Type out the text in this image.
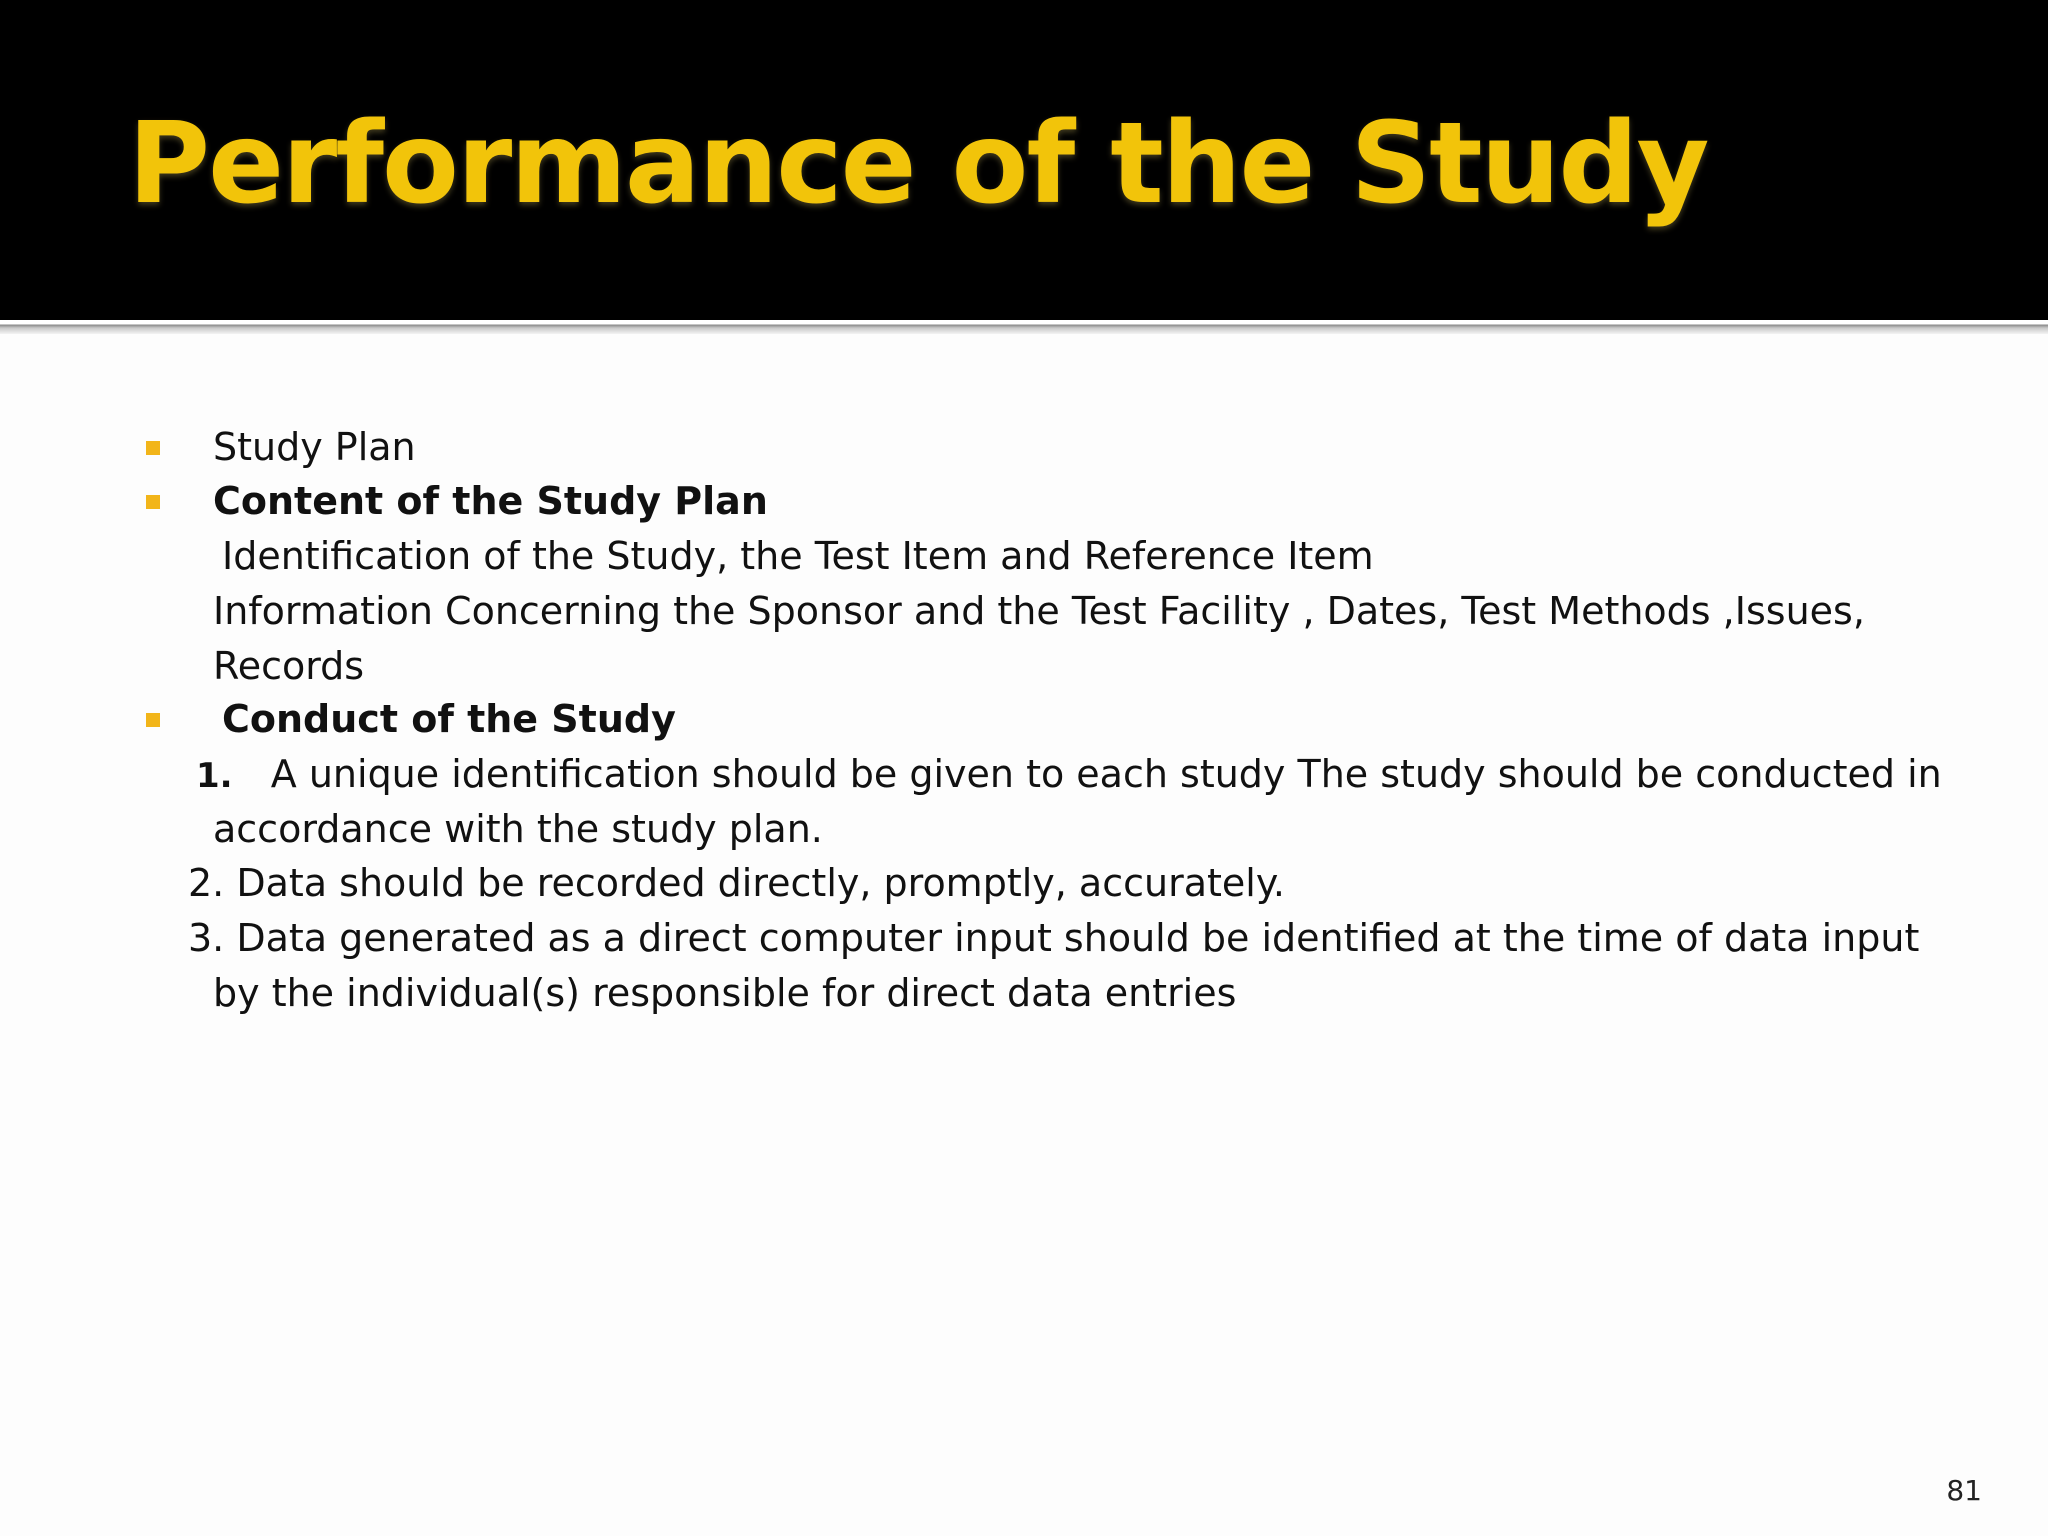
Performance of the Study
Study Plan
Content of the Study Plan
Identification of the Study, the Test Item and Reference Item
Information Concerning the Sponsor and the Test Facility , Dates, Test Methods ,Issues,
Records
Conduct of the Study
1. A unique identification should be given to each study The study should be conducted in
accordance with the study plan.
2. Data should be recorded directly, promptly, accurately.
3. Data generated as a direct computer input should be identified at the time of data input
by the individual(s) responsible for direct data entries
81
